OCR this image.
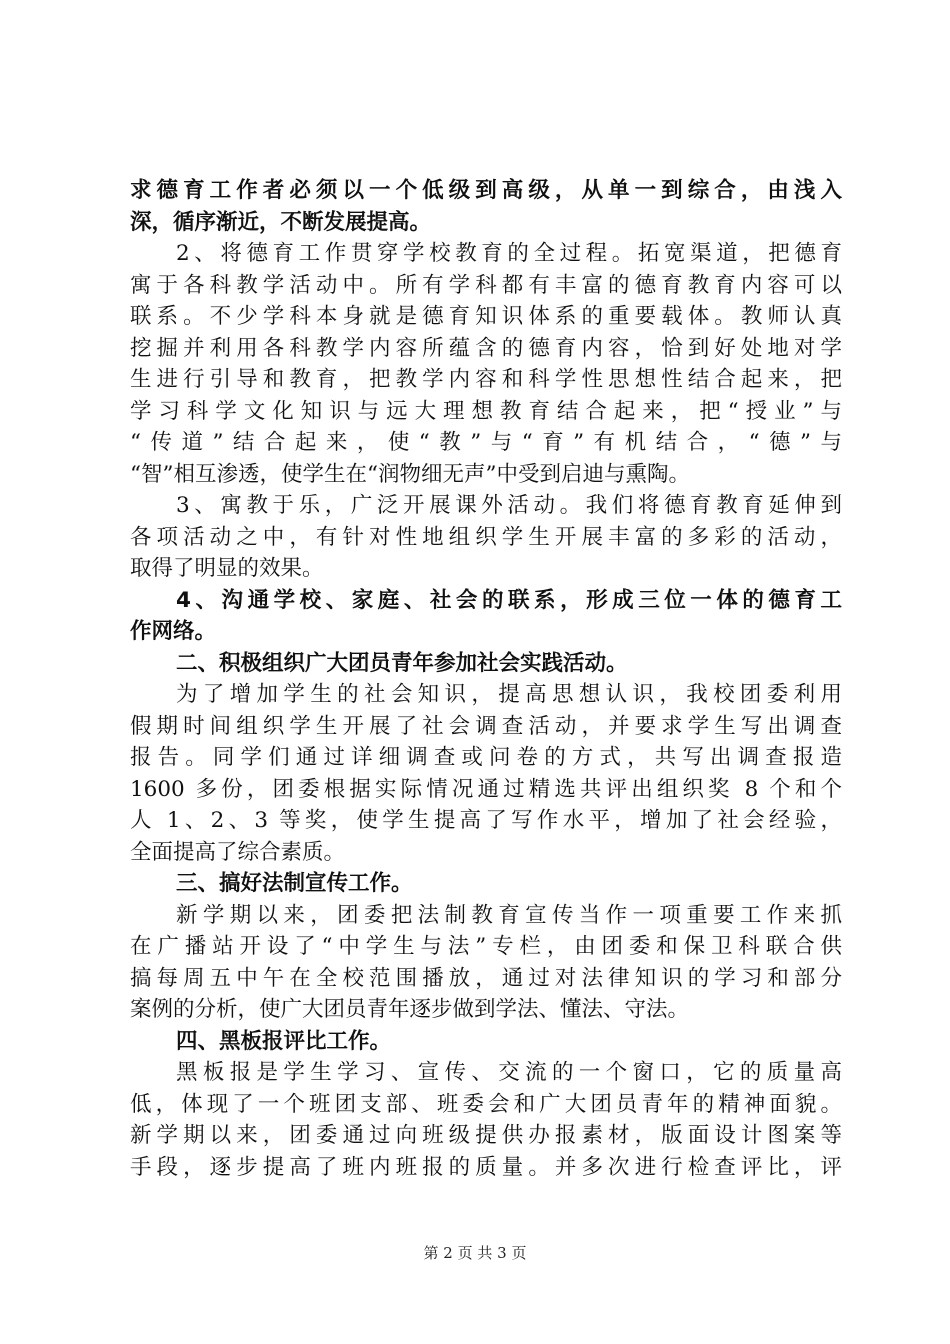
求德育工作者必须以一个低级到高级，从单一到综合，由浅入
深，循序渐近，不断发展提高。
2、将德育工作贯穿学校教育的全过程。拓宽渠道，把德育
寓于各科教学活动中。所有学科都有丰富的德育教育内容可以
联系。不少学科本身就是德育知识体系的重要载体。教师认真
挖掘并利用各科教学内容所蕴含的德育内容，恰到好处地对学
生进行引导和教育，把教学内容和科学性思想性结合起来，把
学习科学文化知识与远大理想教育结合起来，把“授业”与
“传道”结合起来，使“教”与“育”有机结合，“德”与
“智”相互渗透，使学生在“润物细无声”中受到启迪与熏陶。
3、寓教于乐，广泛开展课外活动。我们将德育教育延伸到
各项活动之中，有针对性地组织学生开展丰富的多彩的活动，
取得了明显的效果。
4、沟通学校、家庭、社会的联系，形成三位一体的德育工
作网络。
二、积极组织广大团员青年参加社会实践活动。
为了增加学生的社会知识，提高思想认识，我校团委利用
假期时间组织学生开展了社会调查活动，并要求学生写出调查
报告。同学们通过详细调查或问卷的方式，共写出调查报造
1600 多份，团委根据实际情况通过精选共评出组织奖 8 个和个
人 1、2、3 等奖，使学生提高了写作水平，增加了社会经验，
全面提高了综合素质。
三、搞好法制宣传工作。
新学期以来，团委把法制教育宣传当作一项重要工作来抓
在广播站开设了“中学生与法”专栏，由团委和保卫科联合供
搞每周五中午在全校范围播放，通过对法律知识的学习和部分
案例的分析，使广大团员青年逐步做到学法、懂法、守法。
四、黑板报评比工作。
黑板报是学生学习、宣传、交流的一个窗口，它的质量高
低，体现了一个班团支部、班委会和广大团员青年的精神面貌。
新学期以来，团委通过向班级提供办报素材，版面设计图案等
手段，逐步提高了班内班报的质量。并多次进行检查评比，评
第 2 页 共 3 页
